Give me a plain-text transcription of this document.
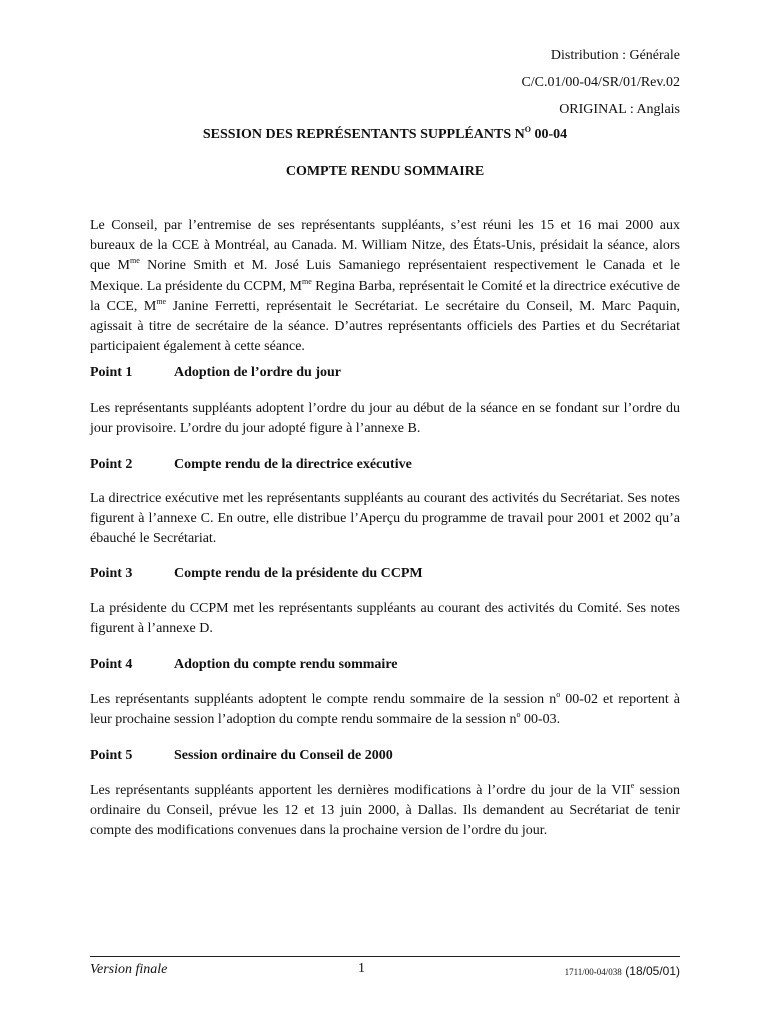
Distribution : Générale
C/C.01/00-04/SR/01/Rev.02
ORIGINAL : Anglais
SESSION DES REPRÉSENTANTS SUPPLÉANTS $N^O$ 00-04
COMPTE RENDU SOMMAIRE

Le Conseil, par l’entremise de ses représentants suppléants, s’est réuni les 15 et 16 mai 2000 aux bureaux de la CCE à Montréal, au Canada. M. William Nitze, des États-Unis, présidait la séance, alors que $M^{me}$ Norine Smith et M. José Luis Samaniego représentaient respectivement le Canada et le Mexique. La présidente du CCPM, $M^{me}$ Regina Barba, représentait le Comité et la directrice exécutive de la CCE, $M^{me}$ Janine Ferretti, représentait le Secrétariat. Le secrétaire du Conseil, M. Marc Paquin, agissait à titre de secrétaire de la séance. D’autres représentants officiels des Parties et du Secrétariat participaient également à cette séance.

Point 1	Adoption de l’ordre du jour

Les représentants suppléants adoptent l’ordre du jour au début de la séance en se fondant sur l’ordre du jour provisoire. L’ordre du jour adopté figure à l’annexe B.

Point 2	Compte rendu de la directrice exécutive

La directrice exécutive met les représentants suppléants au courant des activités du Secrétariat. Ses notes figurent à l’annexe C. En outre, elle distribue l’Aperçu du programme de travail pour 2001 et 2002 qu’a ébauché le Secrétariat.

Point 3	Compte rendu de la présidente du CCPM

La présidente du CCPM met les représentants suppléants au courant des activités du Comité. Ses notes figurent à l’annexe D.

Point 4	Adoption du compte rendu sommaire

Les représentants suppléants adoptent le compte rendu sommaire de la session $n^o$ 00-02 et reportent à leur prochaine session l’adoption du compte rendu sommaire de la session $n^o$ 00-03.

Point 5	Session ordinaire du Conseil de 2000

Les représentants suppléants apportent les dernières modifications à l’ordre du jour de la VIIe session ordinaire du Conseil, prévue les 12 et 13 juin 2000, à Dallas. Ils demandent au Secrétariat de tenir compte des modifications convenues dans la prochaine version de l’ordre du jour.

Version finale	1	1711/00-04/038 (18/05/01)
